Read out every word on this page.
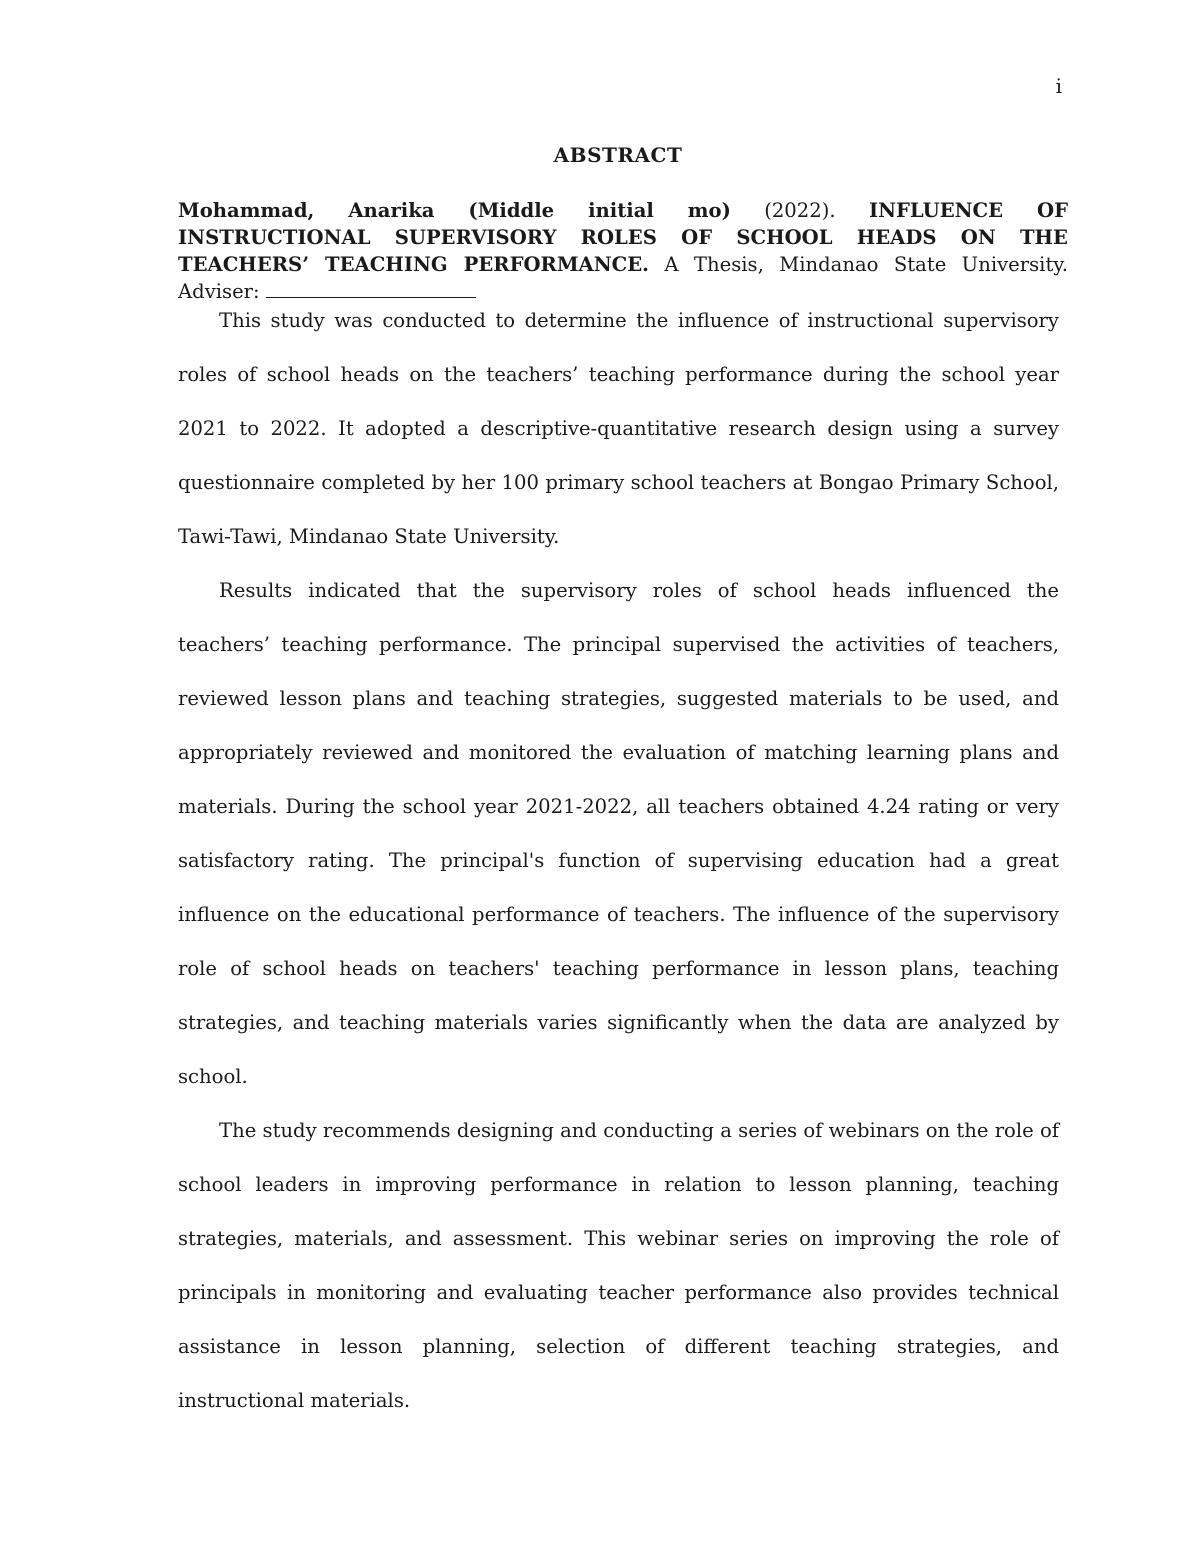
i
ABSTRACT
Mohammad, Anarika (Middle initial mo) (2022). INFLUENCE OF INSTRUCTIONAL SUPERVISORY ROLES OF SCHOOL HEADS ON THE TEACHERS’ TEACHING PERFORMANCE. A Thesis, Mindanao State University. Adviser:

This study was conducted to determine the influence of instructional supervisory roles of school heads on the teachers’ teaching performance during the school year 2021 to 2022. It adopted a descriptive-quantitative research design using a survey questionnaire completed by her 100 primary school teachers at Bongao Primary School, Tawi-Tawi, Mindanao State University.

Results indicated that the supervisory roles of school heads influenced the teachers’ teaching performance. The principal supervised the activities of teachers, reviewed lesson plans and teaching strategies, suggested materials to be used, and appropriately reviewed and monitored the evaluation of matching learning plans and materials. During the school year 2021-2022, all teachers obtained 4.24 rating or very satisfactory rating. The principal's function of supervising education had a great influence on the educational performance of teachers. The influence of the supervisory role of school heads on teachers' teaching performance in lesson plans, teaching strategies, and teaching materials varies significantly when the data are analyzed by school.

The study recommends designing and conducting a series of webinars on the role of school leaders in improving performance in relation to lesson planning, teaching strategies, materials, and assessment. This webinar series on improving the role of principals in monitoring and evaluating teacher performance also provides technical assistance in lesson planning, selection of different teaching strategies, and instructional materials.
